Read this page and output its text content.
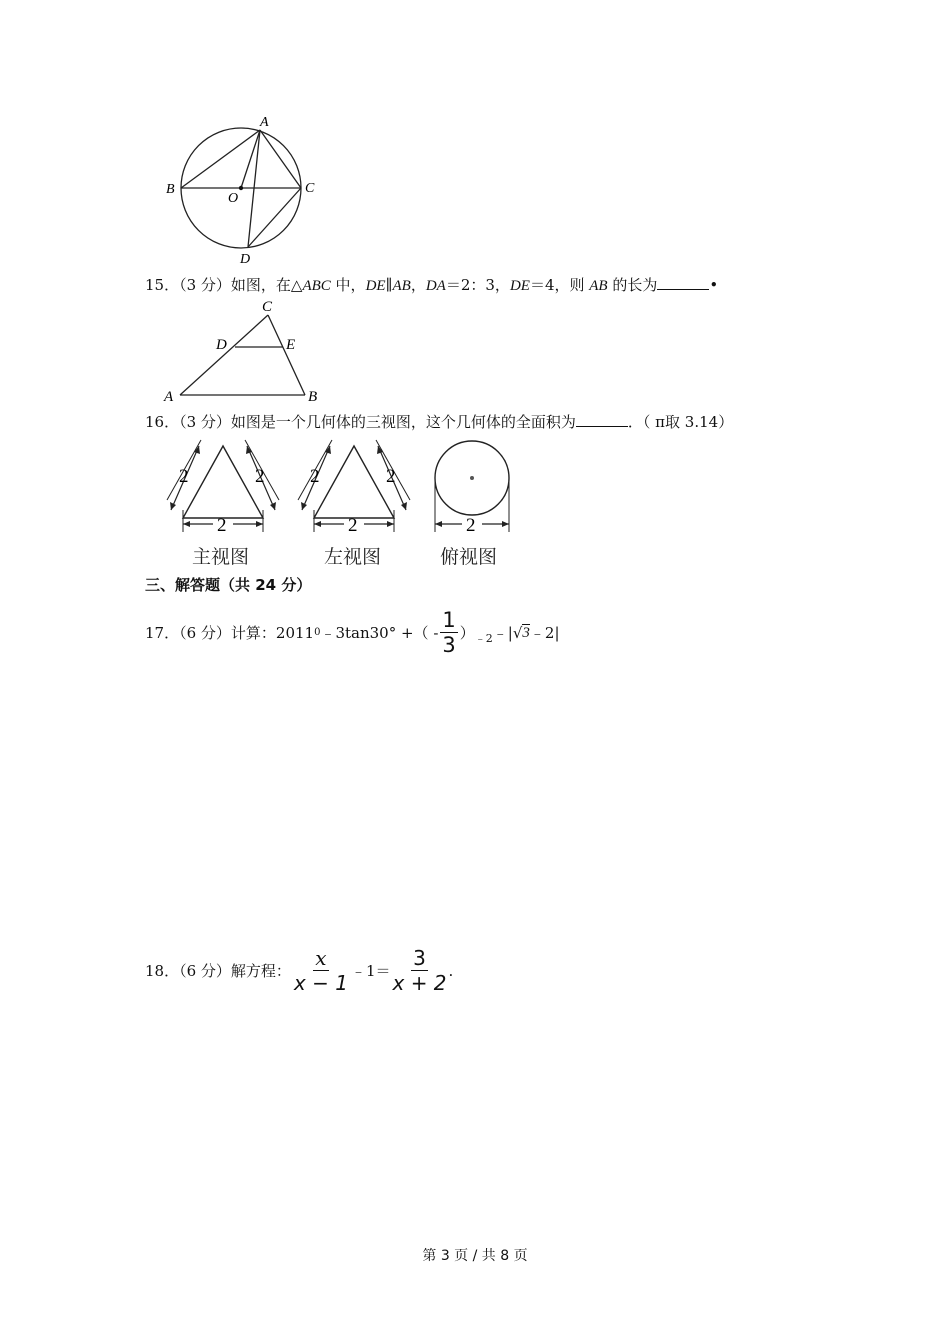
A
B	C
O
D
15．（3 分）如图，在△ABC 中，DE∥AB，DA＝2：3，DE＝4，则 AB 的长为	•
C
D	E
A	B
16．（3 分）如图是一个几何体的三视图，这个几何体的全面积为	．（ π取 3.14）
2	2
2
主视图
2	2
2
左视图
2
俯视图
三、解答题（共 24 分）
17．（6 分）计算：2011 0 ﹣3tan30° +（ - $\frac{1}{3} )_{﹣2}$ ﹣| √ 3 ﹣2|
18．（6 分）解方程： $\frac{x}{x - 1}$ ﹣1＝ $\frac{3}{x + 2}$ .
第 3 页 / 共 8 页
